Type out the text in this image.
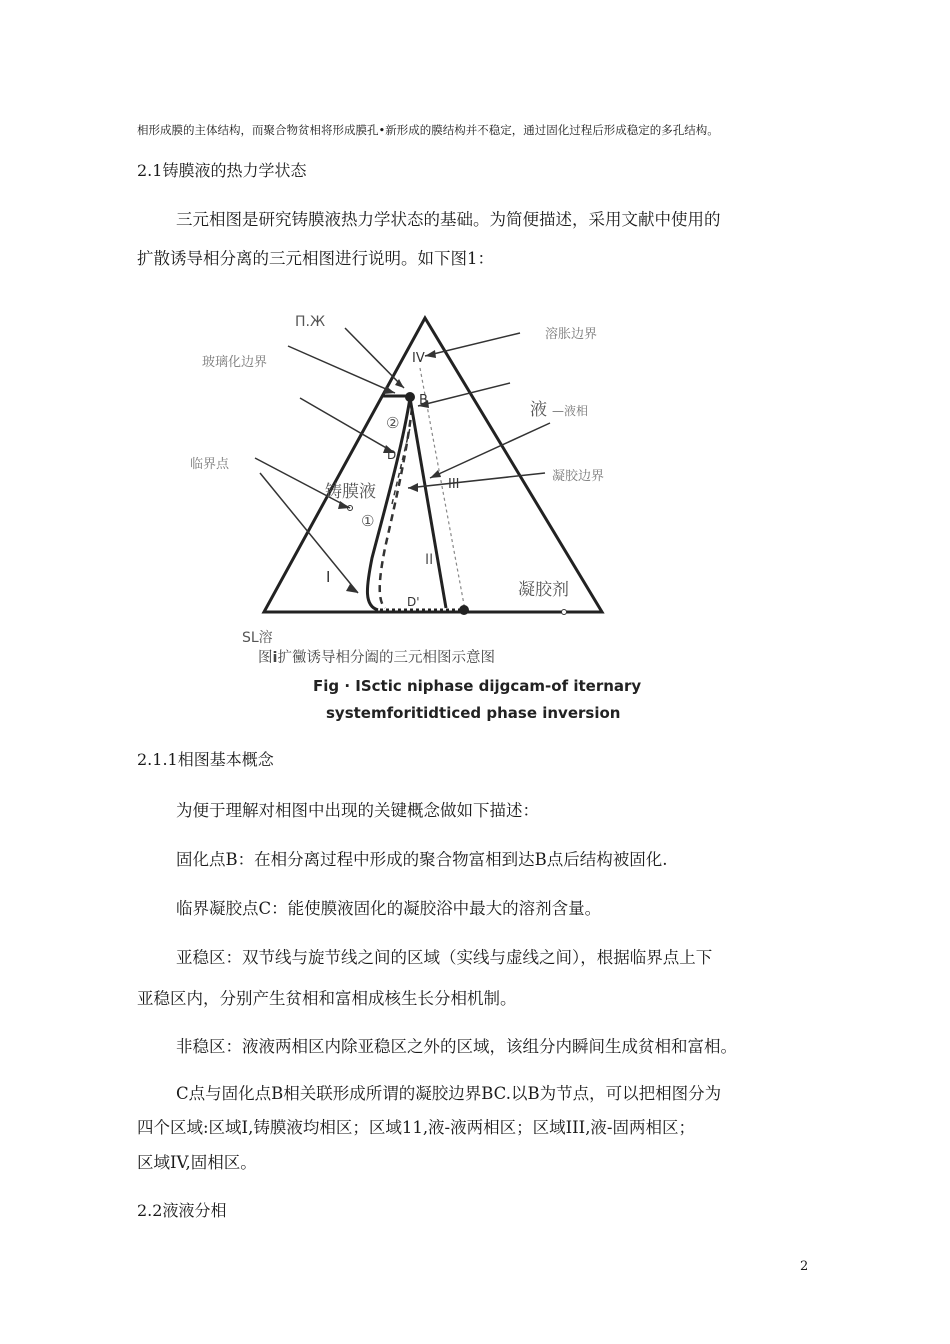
相形成膜的主体结构，而聚合物贫相将形成膜孔•新形成的膜结构并不稳定，通过固化过程后形成稳定的多孔结构。
2.1铸膜液的热力学状态
三元相图是研究铸膜液热力学状态的基础。为简便描述，采用文献中使用的
扩散诱导相分离的三元相图进行说明。如下图1：
П.Ж
玻璃化边界
临界点
铸膜液
溶胀边界
液 —液相
凝胶边界
凝胶剂
SL溶
I
II
III
IV
B
D
D'
①
②
图i扩黴诱导相分阖的三元相图示意图
Fig · ISctic niphase dijgcam-of iternary
systemforitidticed phase inversion
2.1.1相图基本概念
为便于理解对相图中出现的关键概念做如下描述：
固化点B：在相分离过程中形成的聚合物富相到达B点后结构被固化.
临界凝胶点C：能使膜液固化的凝胶浴中最大的溶剂含量。
亚稳区：双节线与旋节线之间的区域（实线与虚线之间），根据临界点上下
亚稳区内，分别产生贫相和富相成核生长分相机制。
非稳区：液液两相区内除亚稳区之外的区域，该组分内瞬间生成贫相和富相。
C点与固化点B相关联形成所谓的凝胶边界BC.以B为节点，可以把相图分为
四个区域:区域I,铸膜液均相区；区域11,液-液两相区；区域III,液-固两相区；
区域IV,固相区。
2.2液液分相
2
